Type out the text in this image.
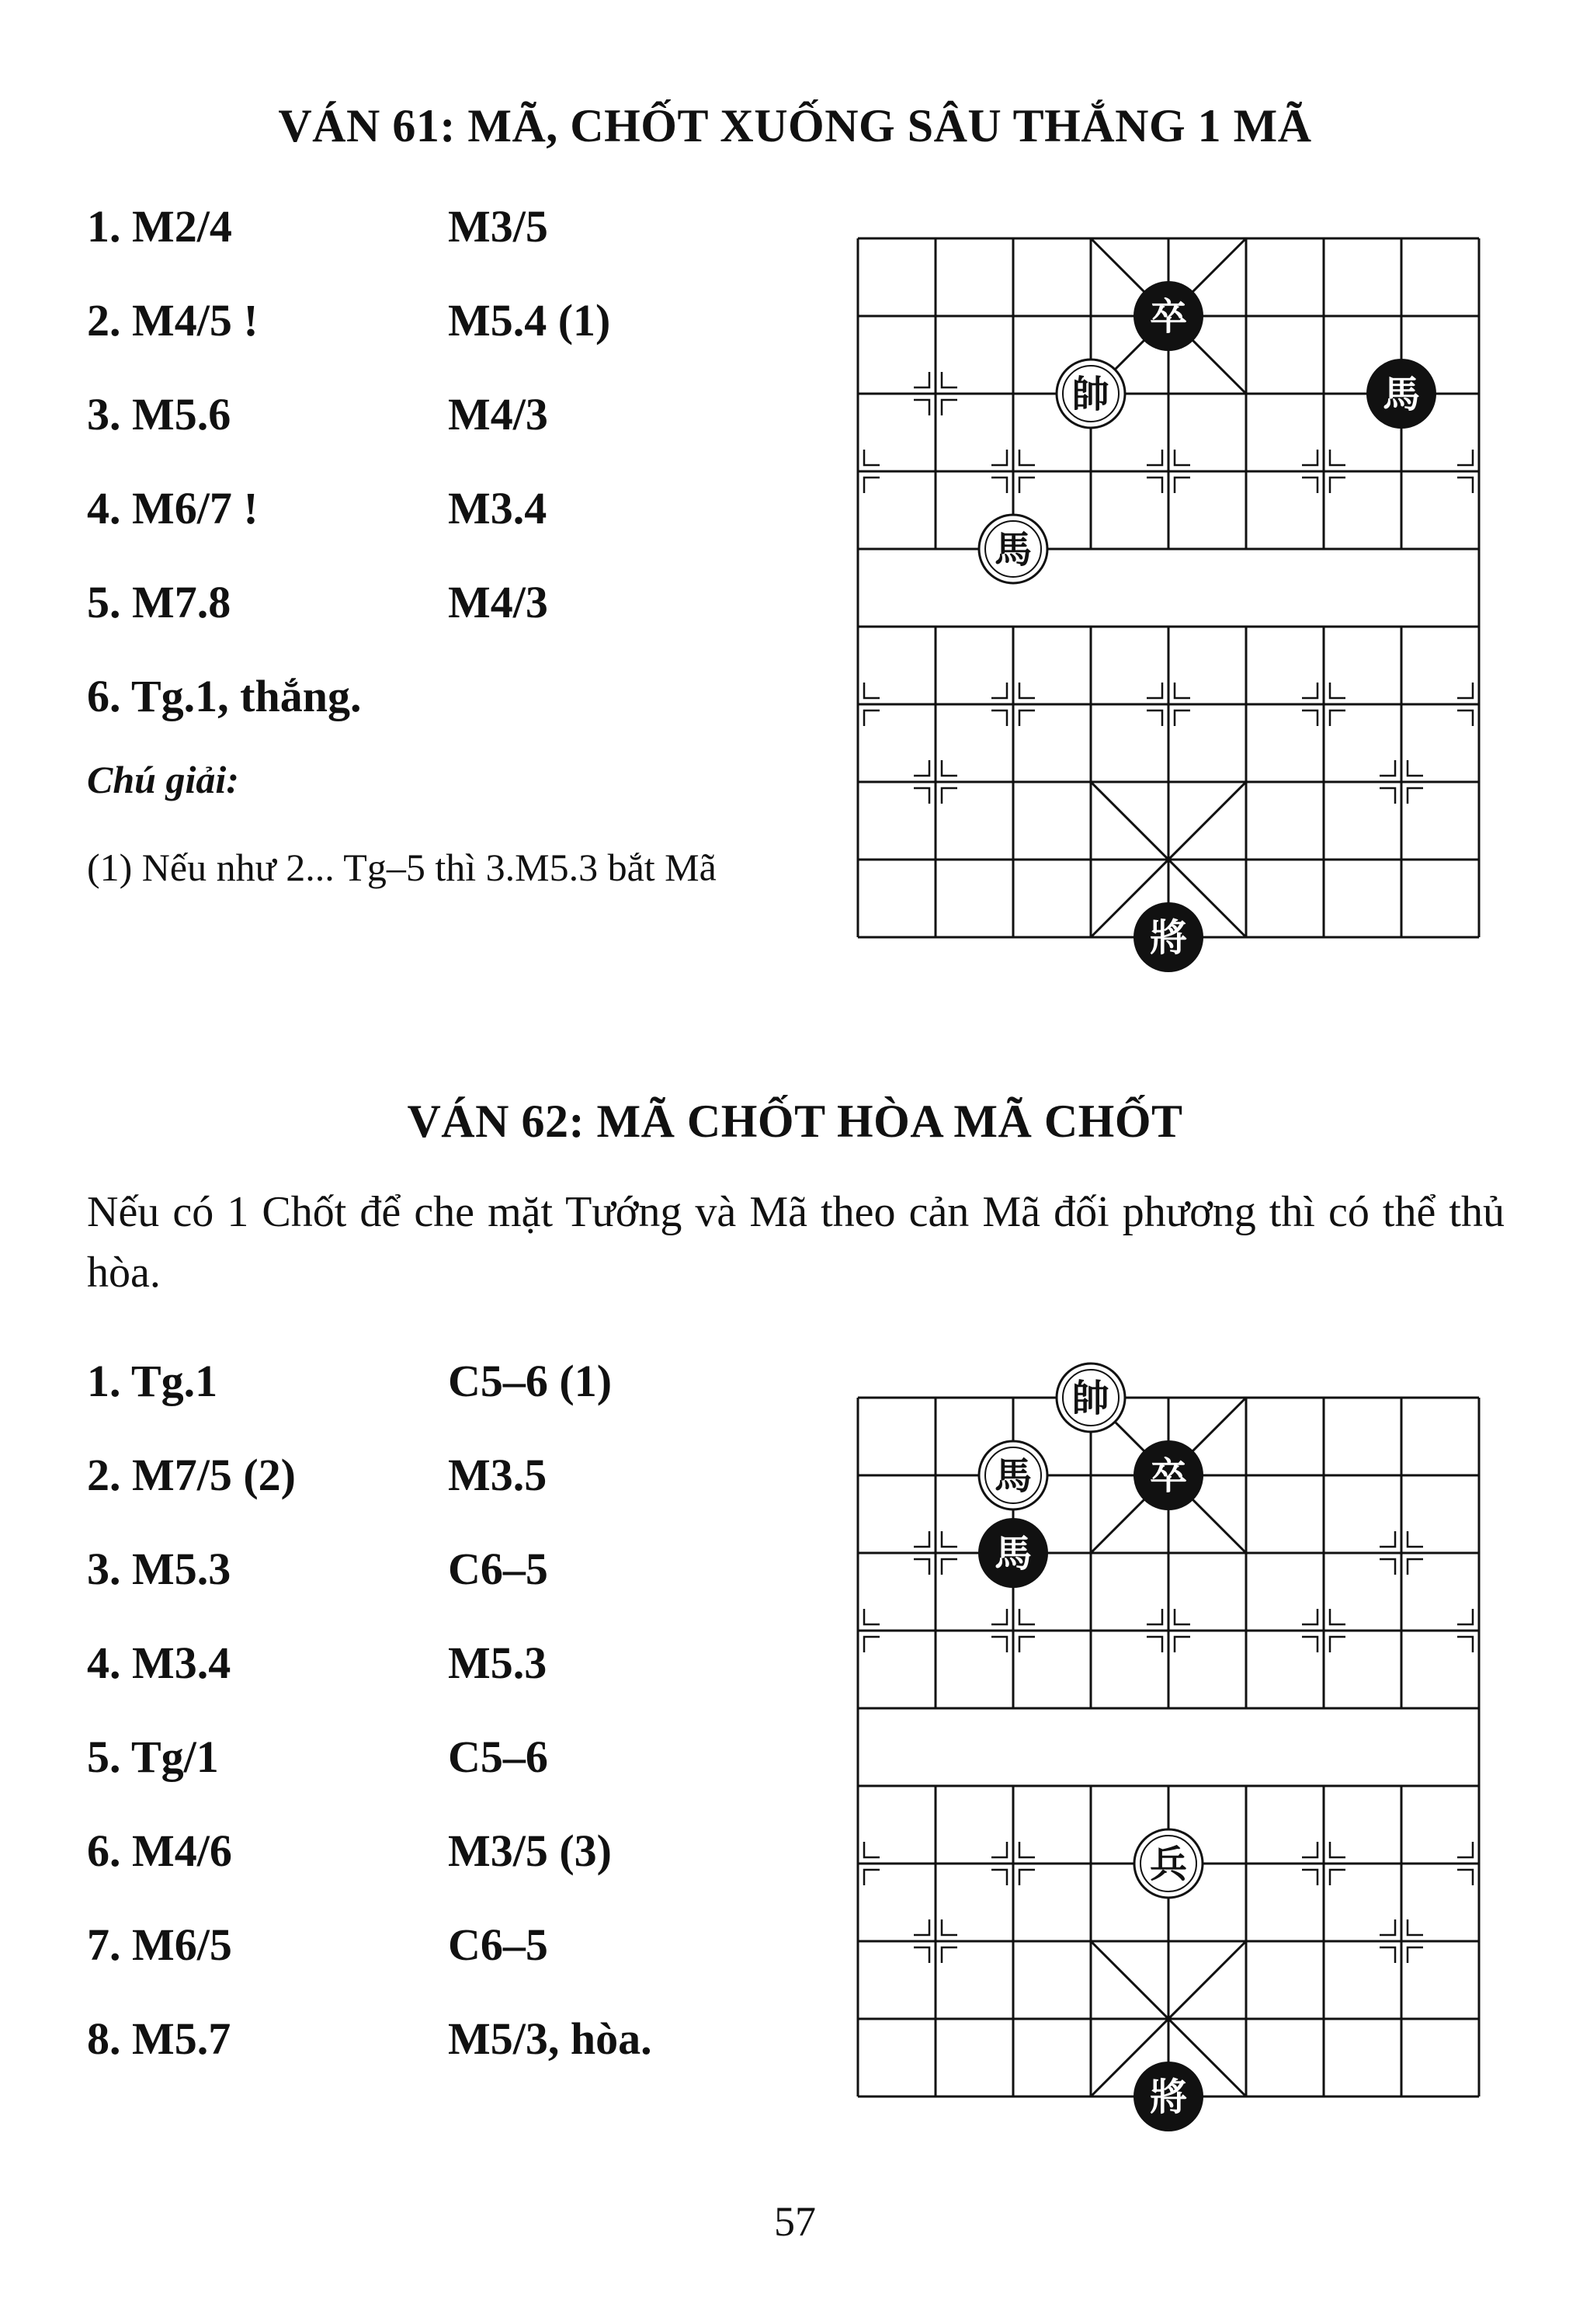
VÁN 61: MÃ, CHỐT XUỐNG SÂU THẮNG 1 MÃ
1. M2/4	M3/5
2. M4/5 !	M5.4 (1)
3. M5.6	M4/3
4. M6/7 !	M3.4
5. M7.8	M4/3
6. Tg.1, thắng.
Chú giải:
(1) Nếu như 2... Tg–5 thì 3.M5.3 bắt Mã
卒
帥	馬
馬
將
VÁN 62: MÃ CHỐT HÒA MÃ CHỐT
Nếu có 1 Chốt để che mặt Tướng và Mã theo cản Mã đối phương thì có thể thủ hòa.
1. Tg.1	C5–6 (1)
2. M7/5 (2)	M3.5
3. M5.3	C6–5
4. M3.4	M5.3
5. Tg/1	C5–6
6. M4/6	M3/5 (3)
7. M6/5	C6–5
8. M5.7	M5/3, hòa.
帥
馬	卒
馬
兵
將
57
